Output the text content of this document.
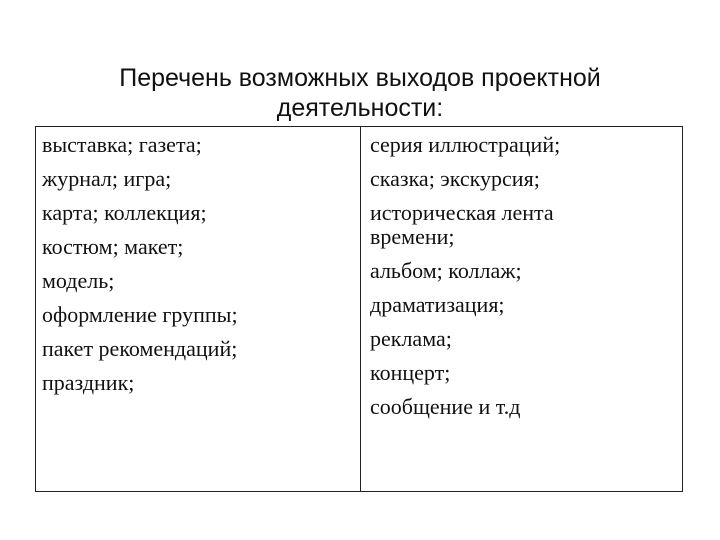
Перечень возможных выходов проектной
деятельности:
выставка; газета;
журнал; игра;
карта; коллекция;
костюм; макет;
модель;
оформление группы;
пакет рекомендаций;
праздник;
серия иллюстраций;
сказка; экскурсия;
историческая лента
времени;
альбом; коллаж;
драматизация;
реклама;
концерт;
сообщение и т.д
